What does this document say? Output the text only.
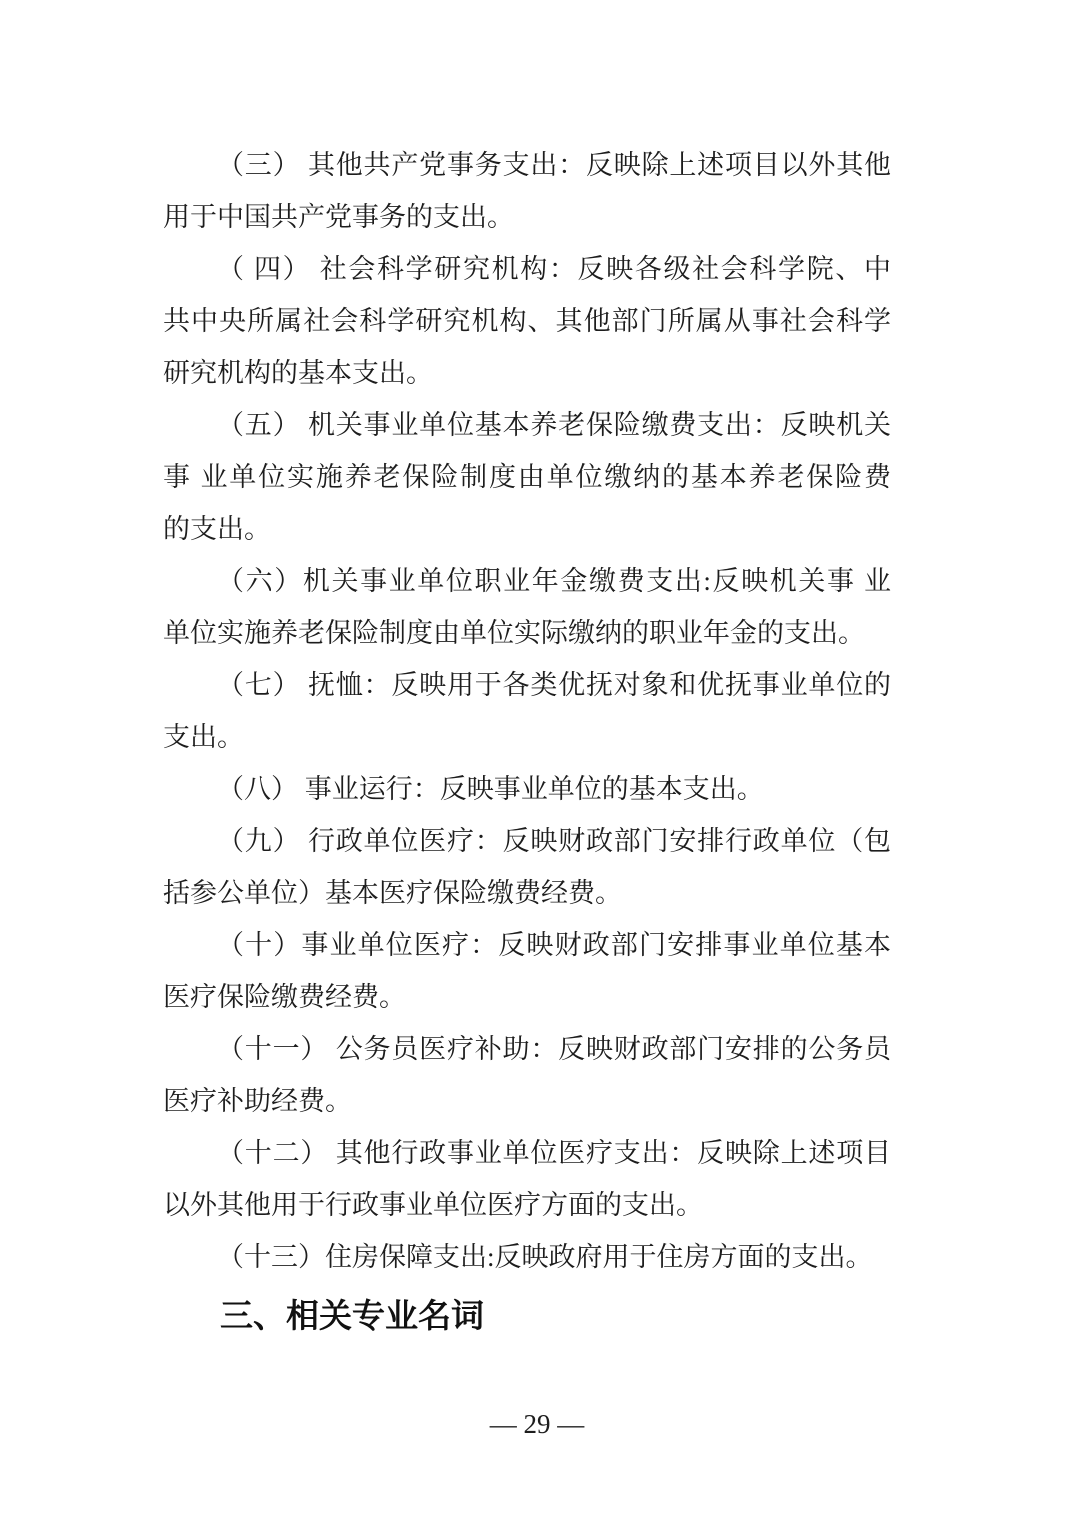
（三） 其他共产党事务支出：反映除上述项目以外其他
用于中国共产党事务的支出。
（ 四） 社会科学研究机构：反映各级社会科学院、中
共中央所属社会科学研究机构、其他部门所属从事社会科学
研究机构的基本支出。
（五） 机关事业单位基本养老保险缴费支出：反映机关
事 业单位实施养老保险制度由单位缴纳的基本养老保险费
的支出。
（六）机关事业单位职业年金缴费支出:反映机关事 业
单位实施养老保险制度由单位实际缴纳的职业年金的支出。
（七） 抚恤：反映用于各类优抚对象和优抚事业单位的
支出。
（八） 事业运行：反映事业单位的基本支出。
（九） 行政单位医疗：反映财政部门安排行政单位（包
括参公单位）基本医疗保险缴费经费。
（十）事业单位医疗：反映财政部门安排事业单位基本
医疗保险缴费经费。
（十一） 公务员医疗补助：反映财政部门安排的公务员
医疗补助经费。
（十二） 其他行政事业单位医疗支出：反映除上述项目
以外其他用于行政事业单位医疗方面的支出。
（十三）住房保障支出:反映政府用于住房方面的支出。
三、相关专业名词
— 29 —
